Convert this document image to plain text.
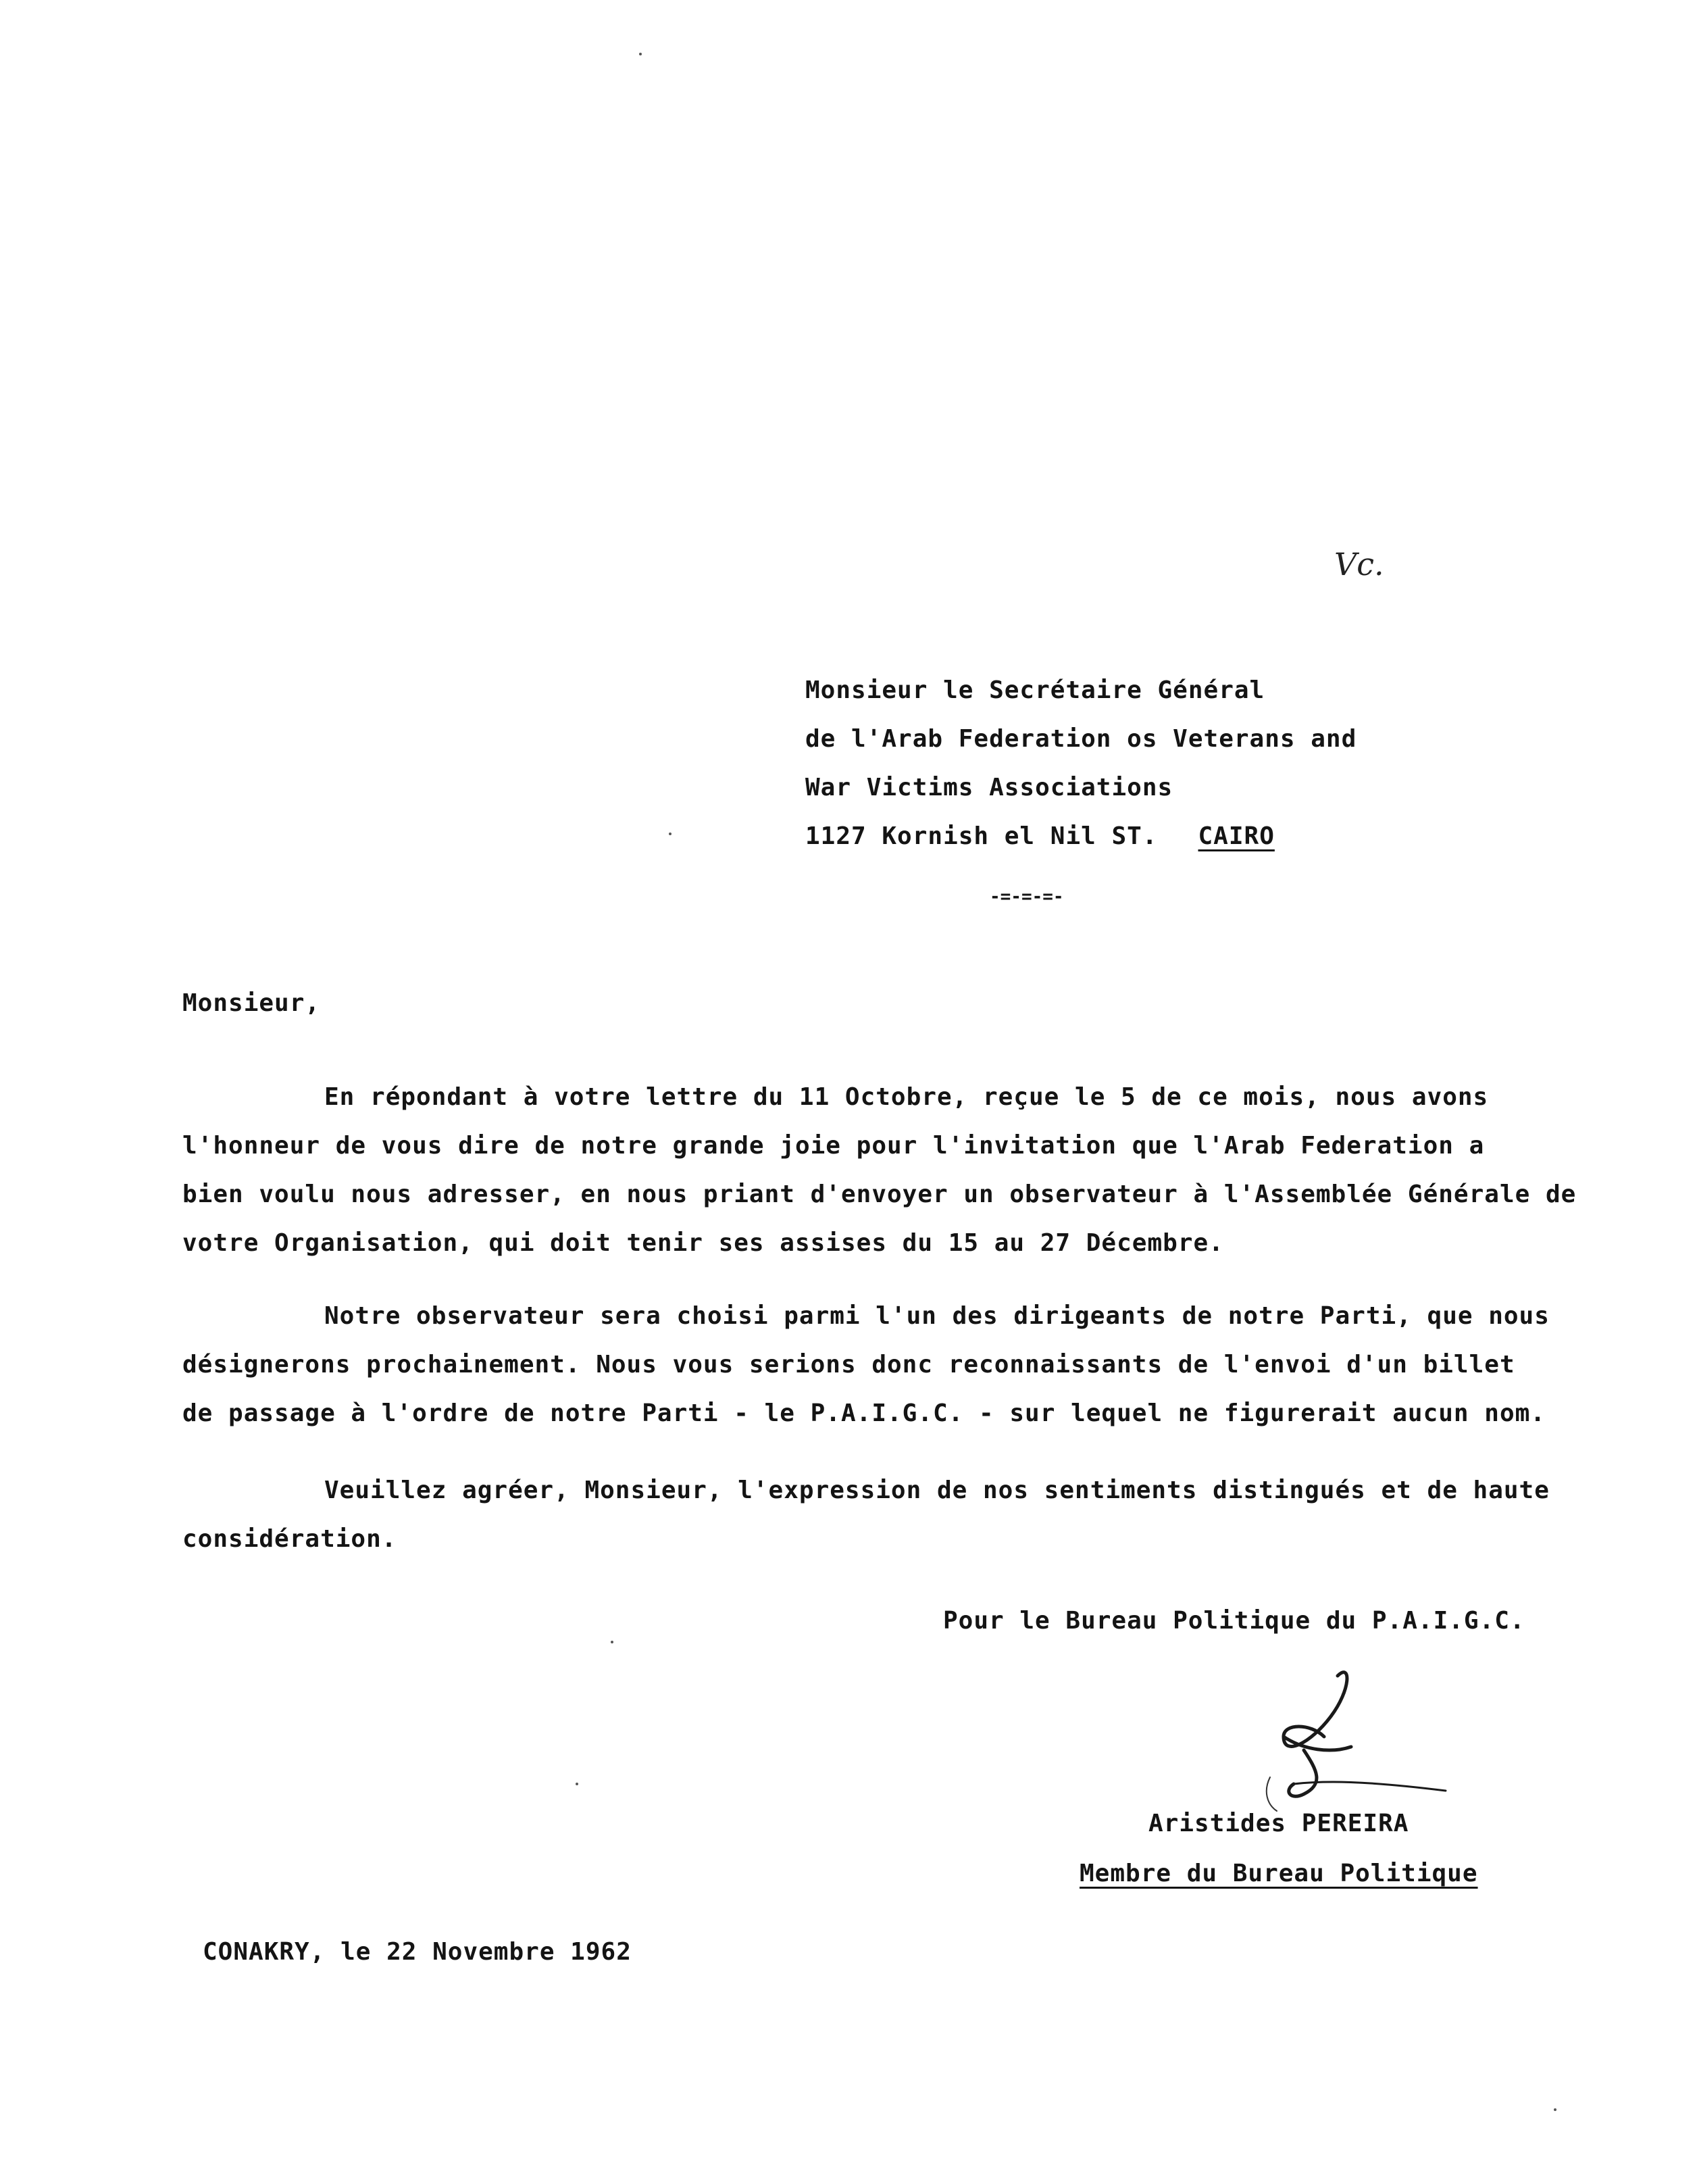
Vc.
Monsieur le Secrétaire Général
de l'Arab Federation os Veterans and
War Victims Associations
1127 Kornish el Nil ST. CAIRO
-=-=-=-
Monsieur,
En répondant à votre lettre du 11 Octobre, reçue le 5 de ce mois, nous avons
l'honneur de vous dire de notre grande joie pour l'invitation que l'Arab Federation a
bien voulu nous adresser, en nous priant d'envoyer un observateur à l'Assemblée Générale de
votre Organisation, qui doit tenir ses assises du 15 au 27 Décembre.
Notre observateur sera choisi parmi l'un des dirigeants de notre Parti, que nous
désignerons prochainement. Nous vous serions donc reconnaissants de l'envoi d'un billet
de passage à l'ordre de notre Parti - le P.A.I.G.C. - sur lequel ne figurerait aucun nom.
Veuillez agréer, Monsieur, l'expression de nos sentiments distingués et de haute
considération.
Pour le Bureau Politique du P.A.I.G.C.
Aristides PEREIRA
Membre du Bureau Politique
CONAKRY, le 22 Novembre 1962
